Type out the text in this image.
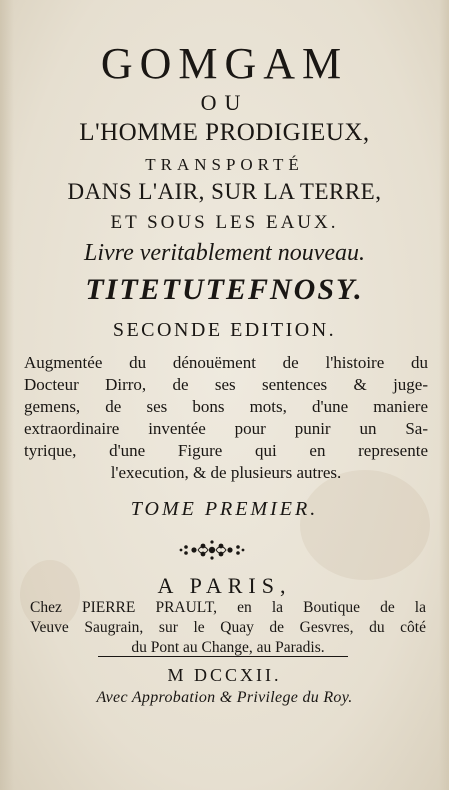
GOMGAM
OU
L'HOMME PRODIGIEUX,
TRANSPORTÉ
DANS L'AIR, SUR LA TERRE,
ET SOUS LES EAUX.
Livre veritablement nouveau.
TITETUTEFNOSY.
SECONDE EDITION.
Augmentée du dénouëment de l'histoire du
Docteur Dirro, de ses sentences & juge-
gemens, de ses bons mots, d'une maniere
extraordinaire inventée pour punir un Sa-
tyrique, d'une Figure qui en represente
l'execution, & de plusieurs autres.
TOME PREMIER.
A PARIS,
Chez PIERRE PRAULT, en la Boutique de la
Veuve Saugrain, sur le Quay de Gesvres, du côté
du Pont au Change, au Paradis.
M DCCXII.
Avec Approbation & Privilege du Roy.
